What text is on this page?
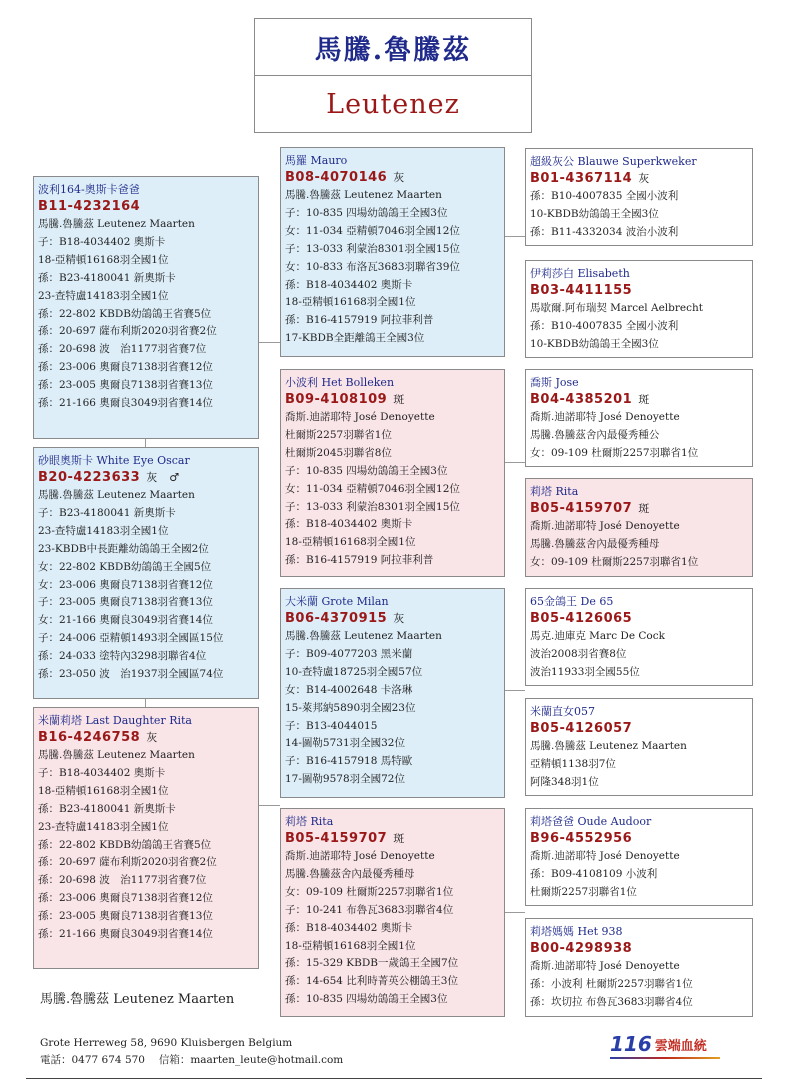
馬騰.魯騰茲
Leutenez
波利164-奧斯卡爸爸
B11-4232164
馬騰.魯騰茲 Leutenez Maarten
子：B18-4034402 奧斯卡
18-亞精頓16168羽全國1位
孫：B23-4180041 新奧斯卡
23-查特盧14183羽全國1位
孫：22-802 KBDB幼鴿鴿王省賽5位
孫：20-697 薩布利斯2020羽省賽2位
孫：20-698 波　治1177羽省賽7位
孫：23-006 奧爾良7138羽省賽12位
孫：23-005 奧爾良7138羽省賽13位
孫：21-166 奧爾良3049羽省賽14位
砂眼奧斯卡 White Eye Oscar
B20-4223633 灰　♂
馬騰.魯騰茲 Leutenez Maarten
子：B23-4180041 新奧斯卡
23-查特盧14183羽全國1位
23-KBDB中長距離幼鴿鴿王全國2位
女：22-802 KBDB幼鴿鴿王全國5位
女：23-006 奧爾良7138羽省賽12位
子：23-005 奧爾良7138羽省賽13位
女：21-166 奧爾良3049羽省賽14位
子：24-006 亞精頓1493羽全國區15位
孫：24-033 塗特內3298羽聯省4位
孫：23-050 波　治1937羽全國區74位
米蘭莉塔 Last Daughter Rita
B16-4246758 灰
馬騰.魯騰茲 Leutenez Maarten
子：B18-4034402 奧斯卡
18-亞精頓16168羽全國1位
孫：B23-4180041 新奧斯卡
23-查特盧14183羽全國1位
孫：22-802 KBDB幼鴿鴿王省賽5位
孫：20-697 薩布利斯2020羽省賽2位
孫：20-698 波　治1177羽省賽7位
孫：23-006 奧爾良7138羽省賽12位
孫：23-005 奧爾良7138羽省賽13位
孫：21-166 奧爾良3049羽省賽14位
馬羅 Mauro
B08-4070146 灰
馬騰.魯騰茲 Leutenez Maarten
子：10-835 四場幼鴿鴿王全國3位
女：11-034 亞精頓7046羽全國12位
子：13-033 利蒙治8301羽全國15位
女：10-833 布洛瓦3683羽聯省39位
孫：B18-4034402 奧斯卡
18-亞精頓16168羽全國1位
孫：B16-4157919 阿拉菲利普
17-KBDB全距離鴿王全國3位
小波利 Het Bolleken
B09-4108109 斑
喬斯.迪諾耶特 José Denoyette
杜爾斯2257羽聯省1位
杜爾斯2045羽聯省8位
子：10-835 四場幼鴿鴿王全國3位
女：11-034 亞精頓7046羽全國12位
子：13-033 利蒙治8301羽全國15位
孫：B18-4034402 奧斯卡
18-亞精頓16168羽全國1位
孫：B16-4157919 阿拉菲利普
大米蘭 Grote Milan
B06-4370915 灰
馬騰.魯騰茲 Leutenez Maarten
子：B09-4077203 黑米蘭
10-查特盧18725羽全國57位
女：B14-4002648 卡洛琳
15-萊邦納5890羽全國23位
子：B13-4044015
14-圖勒5731羽全國32位
子：B16-4157918 馬特歐
17-圖勒9578羽全國72位
莉塔 Rita
B05-4159707 斑
喬斯.迪諾耶特 José Denoyette
馬騰.魯騰茲舍內最優秀種母
女：09-109 杜爾斯2257羽聯省1位
子：10-241 布魯瓦3683羽聯省4位
孫：B18-4034402 奧斯卡
18-亞精頓16168羽全國1位
孫：15-329 KBDB一歲鴿王全國7位
孫：14-654 比利時菁英公棚鴿王3位
孫：10-835 四場幼鴿鴿王全國3位
超級灰公 Blauwe Superkweker
B01-4367114 灰
孫：B10-4007835 全國小波利
10-KBDB幼鴿鴿王全國3位
孫：B11-4332034 波治小波利
伊莉莎白 Elisabeth
B03-4411155
馬歇爾.阿布瑞契 Marcel Aelbrecht
孫：B10-4007835 全國小波利
10-KBDB幼鴿鴿王全國3位
喬斯 Jose
B04-4385201 斑
喬斯.迪諾耶特 José Denoyette
馬騰.魯騰茲舍內最優秀種公
女：09-109 杜爾斯2257羽聯省1位
莉塔 Rita
B05-4159707 斑
喬斯.迪諾耶特 José Denoyette
馬騰.魯騰茲舍內最優秀種母
女：09-109 杜爾斯2257羽聯省1位
65金鴿王 De 65
B05-4126065
馬克.迪庫克 Marc De Cock
波治2008羽省賽8位
波治11933羽全國55位
米蘭直女057
B05-4126057
馬騰.魯騰茲 Leutenez Maarten
亞精頓1138羽7位
阿隆348羽1位
莉塔爸爸 Oude Audoor
B96-4552956
喬斯.迪諾耶特 José Denoyette
孫：B09-4108109 小波利
杜爾斯2257羽聯省1位
莉塔媽媽 Het 938
B00-4298938
喬斯.迪諾耶特 José Denoyette
孫：小波利 杜爾斯2257羽聯省1位
孫：坎切拉 布魯瓦3683羽聯省4位
馬騰.魯騰茲 Leutenez Maarten
Grote Herreweg 58, 9690 Kluisbergen Belgium
電話：0477 674 570　 信箱：maarten_leute@hotmail.com
116 雲端血統
